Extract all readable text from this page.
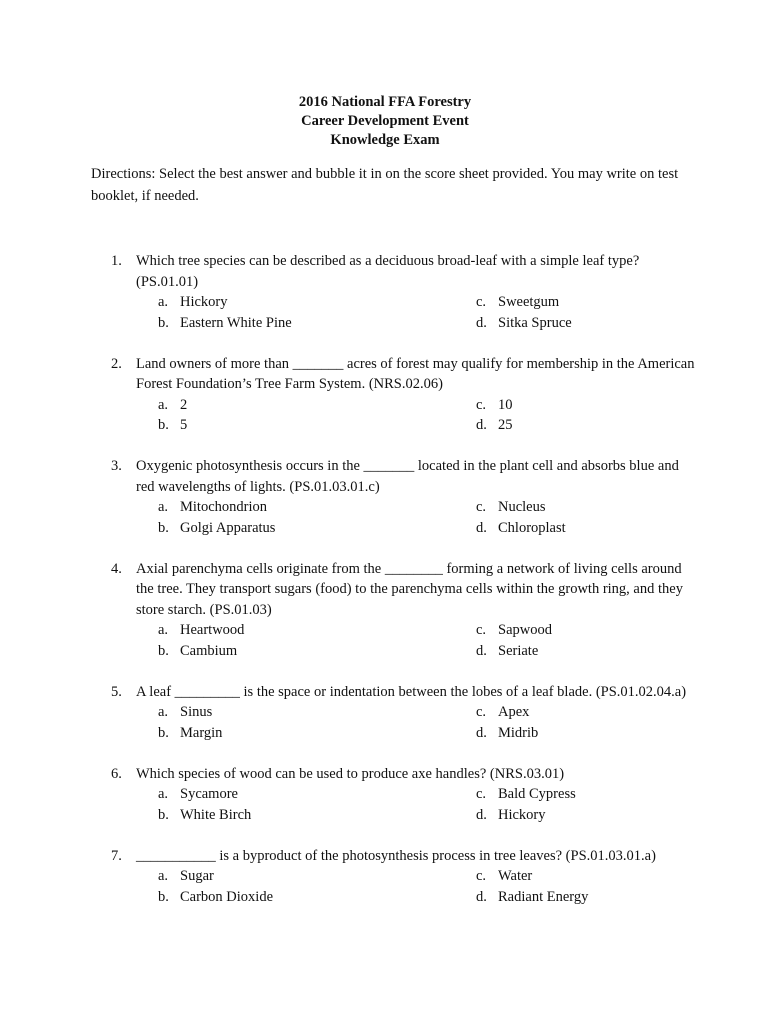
2016 National FFA Forestry
Career Development Event
Knowledge Exam
Directions: Select the best answer and bubble it in on the score sheet provided. You may write on test booklet, if needed.
1. Which tree species can be described as a deciduous broad-leaf with a simple leaf type? (PS.01.01)
a. Hickory
b. Eastern White Pine
c. Sweetgum
d. Sitka Spruce
2. Land owners of more than _______ acres of forest may qualify for membership in the American Forest Foundation’s Tree Farm System. (NRS.02.06)
a. 2
b. 5
c. 10
d. 25
3. Oxygenic photosynthesis occurs in the _______ located in the plant cell and absorbs blue and red wavelengths of lights. (PS.01.03.01.c)
a. Mitochondrion
b. Golgi Apparatus
c. Nucleus
d. Chloroplast
4. Axial parenchyma cells originate from the ________ forming a network of living cells around the tree. They transport sugars (food) to the parenchyma cells within the growth ring, and they store starch. (PS.01.03)
a. Heartwood
b. Cambium
c. Sapwood
d. Seriate
5. A leaf _________ is the space or indentation between the lobes of a leaf blade. (PS.01.02.04.a)
a. Sinus
b. Margin
c. Apex
d. Midrib
6. Which species of wood can be used to produce axe handles? (NRS.03.01)
a. Sycamore
b. White Birch
c. Bald Cypress
d. Hickory
7. ___________ is a byproduct of the photosynthesis process in tree leaves? (PS.01.03.01.a)
a. Sugar
b. Carbon Dioxide
c. Water
d. Radiant Energy
